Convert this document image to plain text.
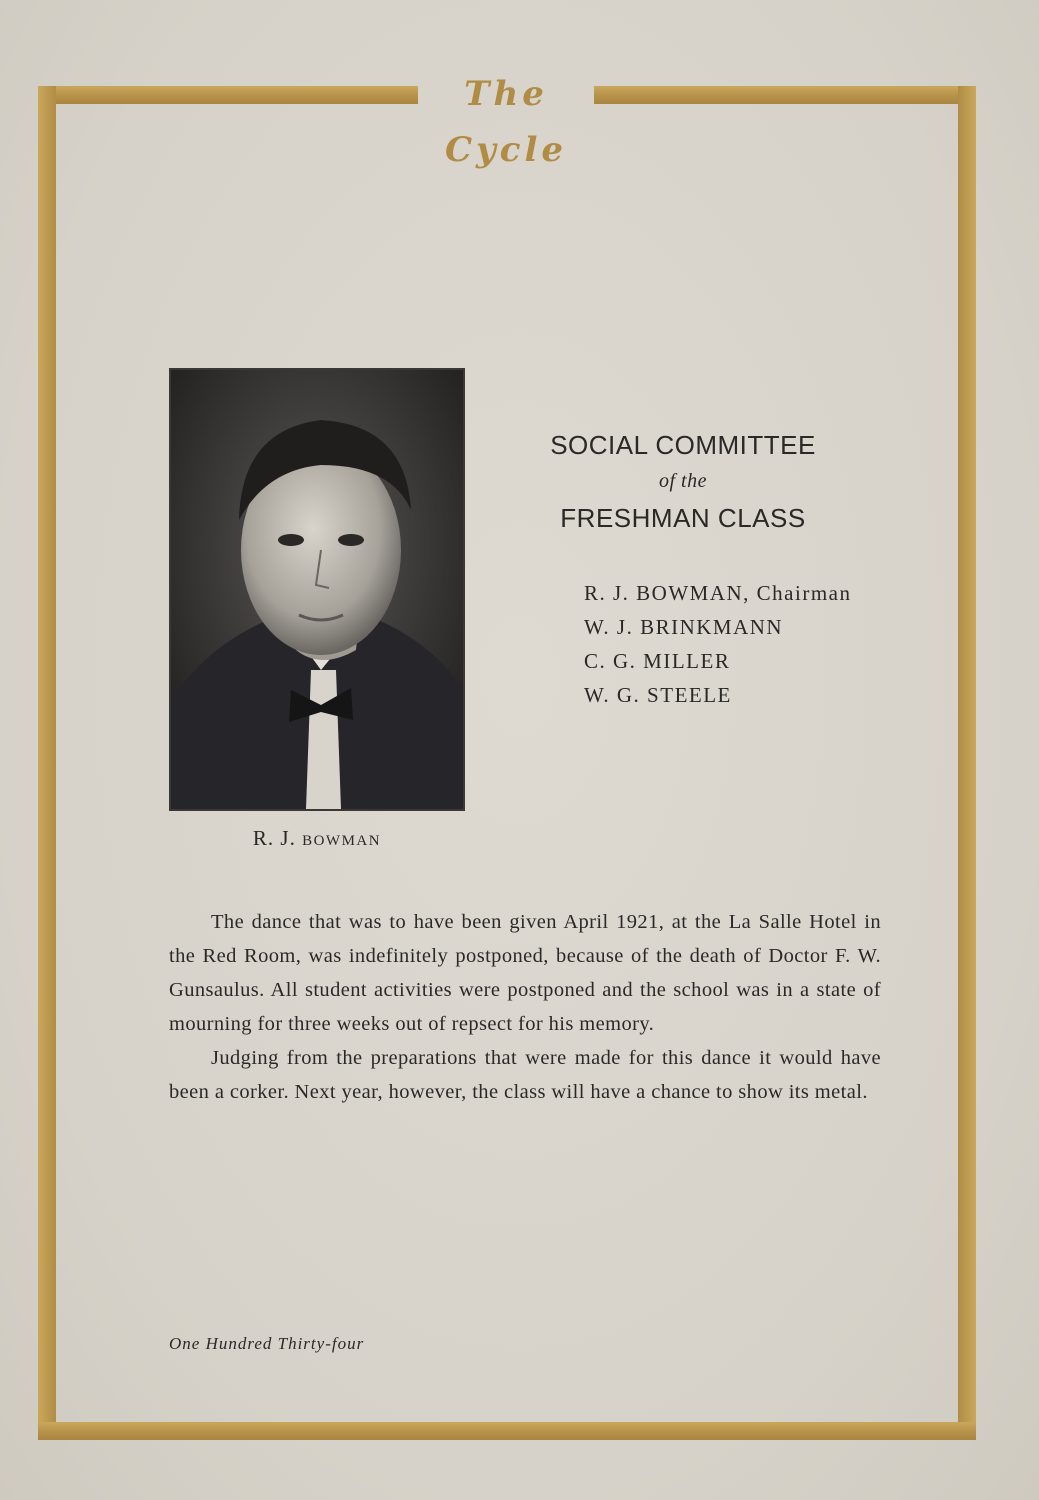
The Cycle
R. J. BOWMAN
SOCIAL COMMITTEE
of the
FRESHMAN CLASS
R. J. BOWMAN, Chairman
W. J. BRINKMANN
C. G. MILLER
W. G. STEELE

The dance that was to have been given April 1921, at the La Salle Hotel in the Red Room, was indefinitely postponed, because of the death of Doctor F. W. Gunsaulus. All student activities were postponed and the school was in a state of mourning for three weeks out of repsect for his memory.

Judging from the preparations that were made for this dance it would have been a corker. Next year, however, the class will have a chance to show its metal.

One Hundred Thirty-four
